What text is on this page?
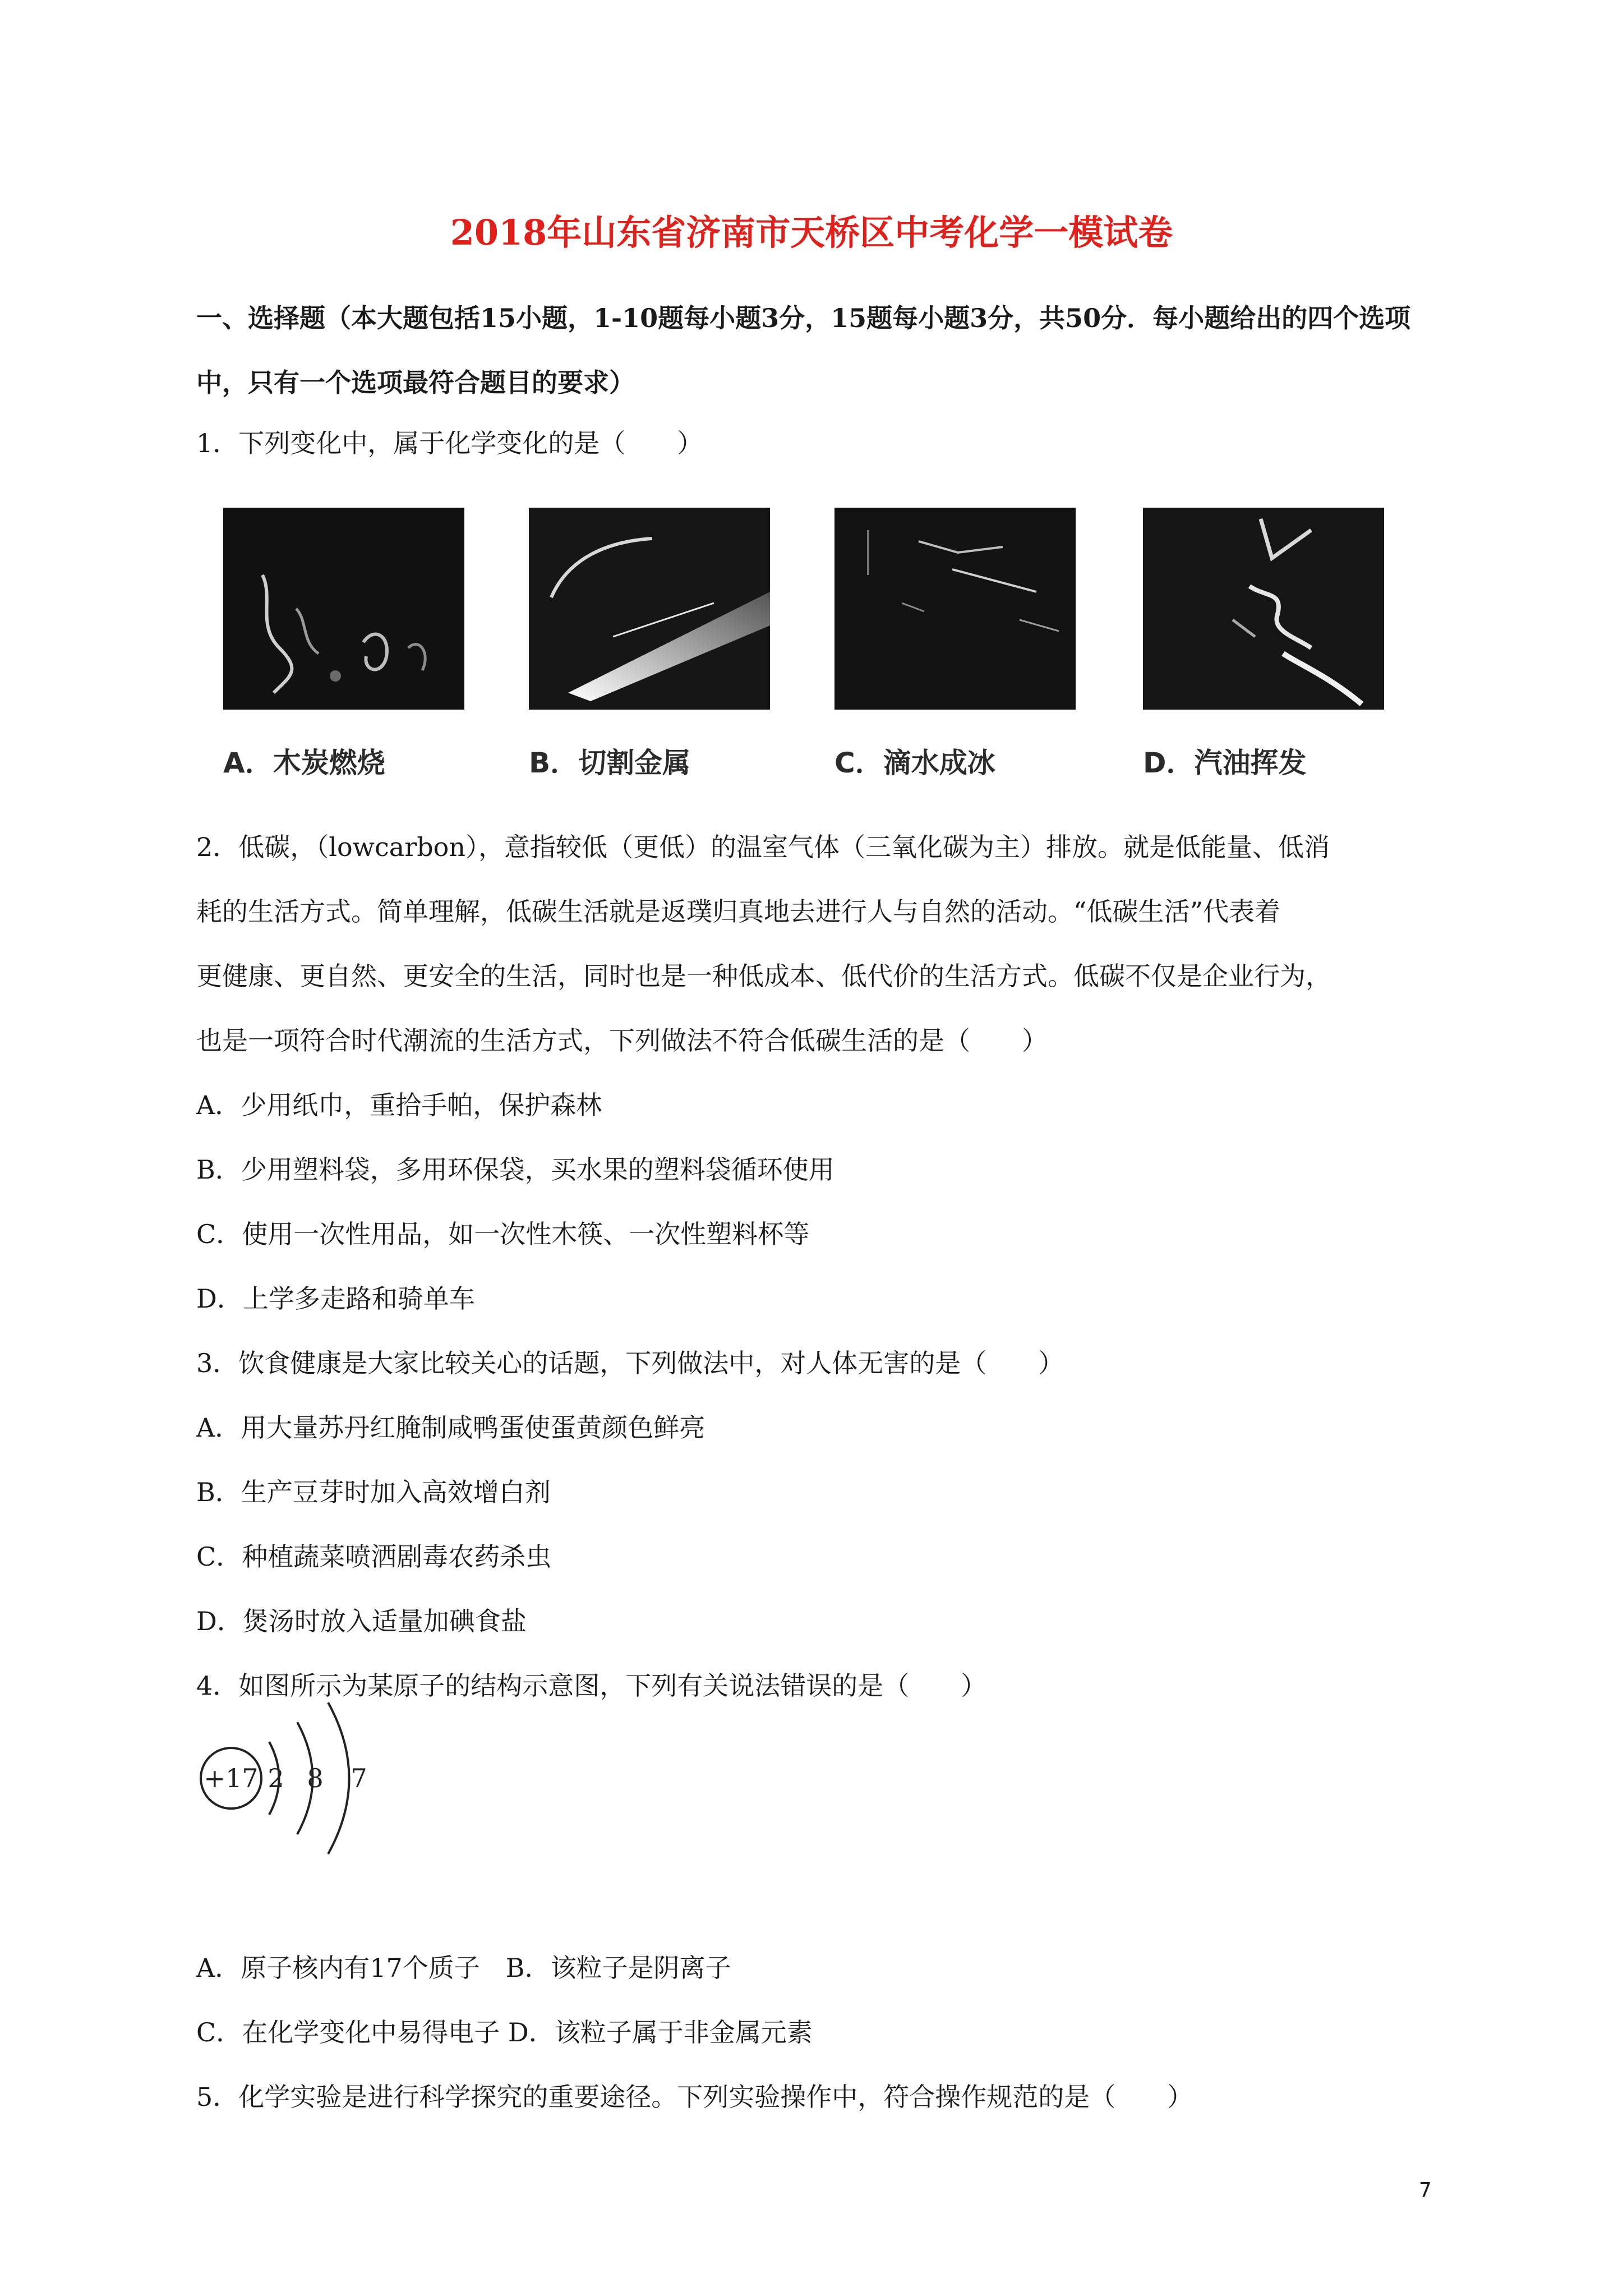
2018年山东省济南市天桥区中考化学一模试卷

一、选择题（本大题包括15小题，1-10题每小题3分，15题每小题3分，共50分．每小题给出的四个选项中，只有一个选项最符合题目的要求）

1．下列变化中，属于化学变化的是（　　）

A．木炭燃烧	B．切割金属	C．滴水成冰	D．汽油挥发

2．低碳，（lowcarbon），意指较低（更低）的温室气体（三氧化碳为主）排放。就是低能量、低消

耗的生活方式。简单理解，低碳生活就是返璞归真地去进行人与自然的活动。“低碳生活”代表着

更健康、更自然、更安全的生活，同时也是一种低成本、低代价的生活方式。低碳不仅是企业行为，

也是一项符合时代潮流的生活方式，下列做法不符合低碳生活的是（　　）

A．少用纸巾，重拾手帕，保护森林

B．少用塑料袋，多用环保袋，买水果的塑料袋循环使用

C．使用一次性用品，如一次性木筷、一次性塑料杯等

D．上学多走路和骑单车

3．饮食健康是大家比较关心的话题，下列做法中，对人体无害的是（　　）

A．用大量苏丹红腌制咸鸭蛋使蛋黄颜色鲜亮

B．生产豆芽时加入高效增白剂

C．种植蔬菜喷洒剧毒农药杀虫

D．煲汤时放入适量加碘食盐

4．如图所示为某原子的结构示意图，下列有关说法错误的是（　　）

+17 2 8 7

A．原子核内有17个质子　B．该粒子是阴离子

C．在化学变化中易得电子 D．该粒子属于非金属元素

5．化学实验是进行科学探究的重要途径。下列实验操作中，符合操作规范的是（　　）

7
